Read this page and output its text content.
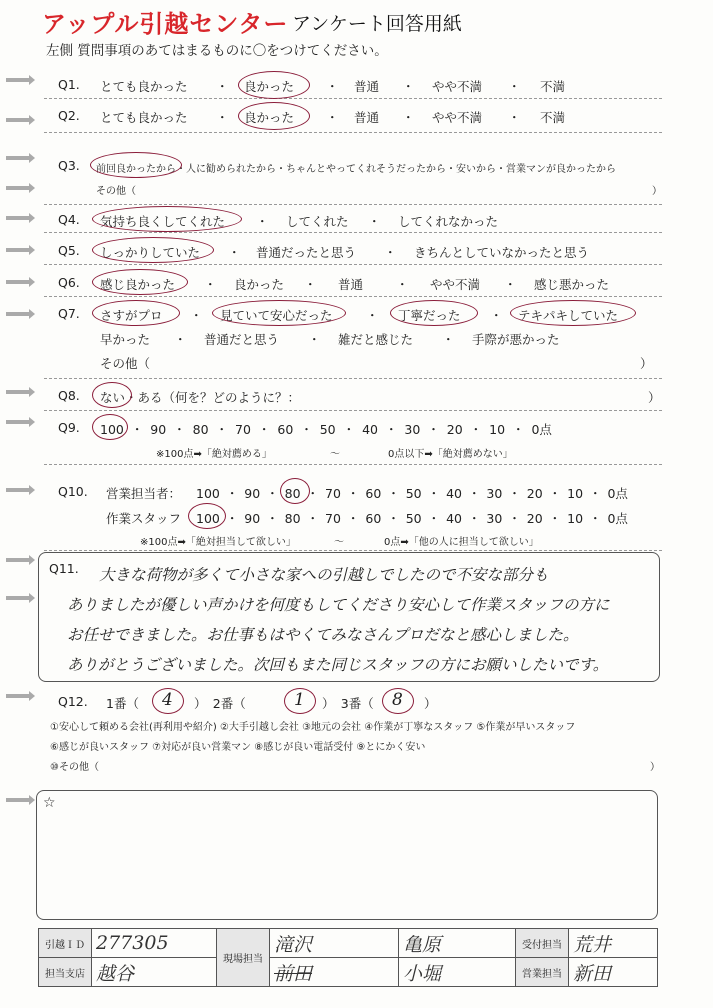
アップル引越センター アンケート回答用紙
左側 質問事項のあてはまるものに〇をつけてください。
Q1. とても良かった ・ 良かった	・ 普通 ・ やや不満 ・ 不満
Q2. とても良かった ・ 良かった	・ 普通 ・ やや不満 ・ 不満
Q3. 前回良かったから・人に勧められたから・ちゃんとやってくれそうだったから・安いから・営業マンが良かったから
その他（	）
Q4. 気持ち良くしてくれた ・ してくれた ・ してくれなかった
Q5. しっかりしていた ・ 普通だったと思う ・ きちんとしていなかったと思う
Q6. 感じ良かった ・ 良かった ・ 普通	・ やや不満 ・ 感じ悪かった
Q7. さすがプロ ・ 見ていて安心だった	・ 丁寧だった ・ テキパキしていた
早かった ・ 普通だと思う ・ 雑だと感じた ・ 手際が悪かった
その他（	）
Q8. ない・ある（何を？どのように？：	）
Q9. 100 ・ 90 ・ 80 ・ 70 ・ 60 ・ 50 ・ 40 ・ 30 ・ 20 ・ 10 ・ 0点
※100点➡「絶対薦める」	〜	0点以下➡「絶対薦めない」
Q10. 営業担当者： 100 ・ 90 ・ 80 ・ 70 ・ 60 ・ 50 ・ 40 ・ 30 ・ 20 ・ 10 ・ 0点
作業スタッフ 100 ・ 90 ・ 80 ・ 70 ・ 60 ・ 50 ・ 40 ・ 30 ・ 20 ・ 10 ・ 0点
※100点➡「絶対担当して欲しい」	〜	0点➡「他の人に担当して欲しい」
Q11. 大きな荷物が多くて小さな家への引越しでしたので不安な部分も
ありましたが優しい声かけを何度もしてくださり安心して作業スタッフの方に
お任せできました。お仕事もはやくてみなさんプロだなと感心しました。
ありがとうございました。次回もまた同じスタッフの方にお願いしたいです。
Q12. 1番（ 4 ）　2番（	1 ）　3番（ 8 ）
①安心して頼める会社(再利用や紹介) ②大手引越し会社 ③地元の会社 ④作業が丁寧なスタッフ ⑤作業が早いスタッフ
⑥感じが良いスタッフ ⑦対応が良い営業マン ⑧感じが良い電話受付 ⑨とにかく安い
⑩その他（	）
☆
引越ＩＤ	277305	現場担当	滝沢	亀原	受付担当	荒井
担当支店	越谷		前田	小堀	営業担当	新田
